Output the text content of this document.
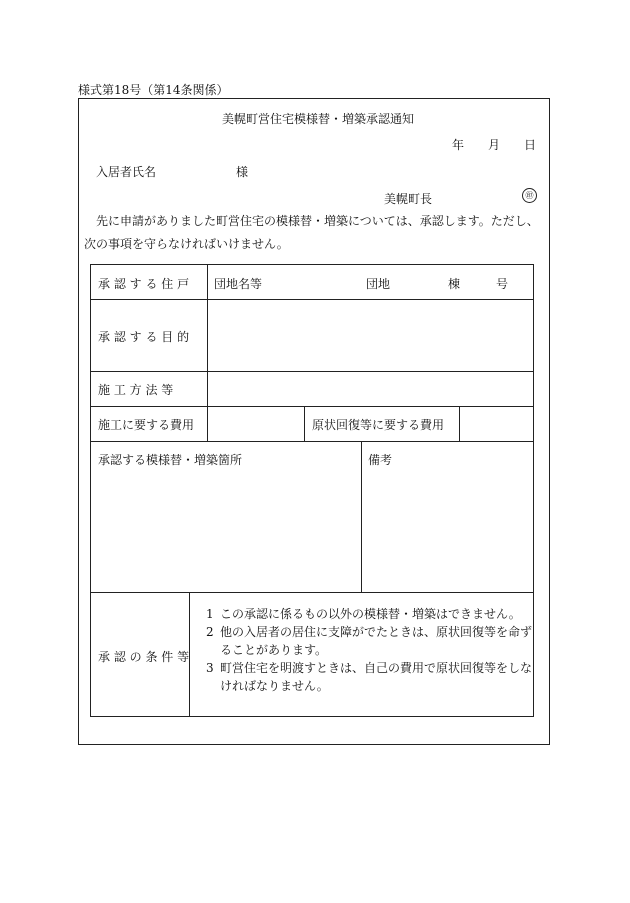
様式第18号（第14条関係）
美幌町営住宅模様替・増築承認通知
年 月 日
入居者氏名	様
美幌町長	㊞
先に申請がありました町営住宅の模様替・増築については、承認します。ただし、次の事項を守らなければいけません。
承 認 す る 住 戸 団地名等	団地	棟	号
承 認 す る 目 的
施 工 方 法 等
施工に要する費用	原状回復等に要する費用
承認する模様替・増築箇所	備考
承 認 の 条 件 等
1 この承認に係るもの以外の模様替・増築はできません。
2 他の入居者の居住に支障がでたときは、原状回復等を命ずることがあります。
3 町営住宅を明渡すときは、自己の費用で原状回復等をしなければなりません。
